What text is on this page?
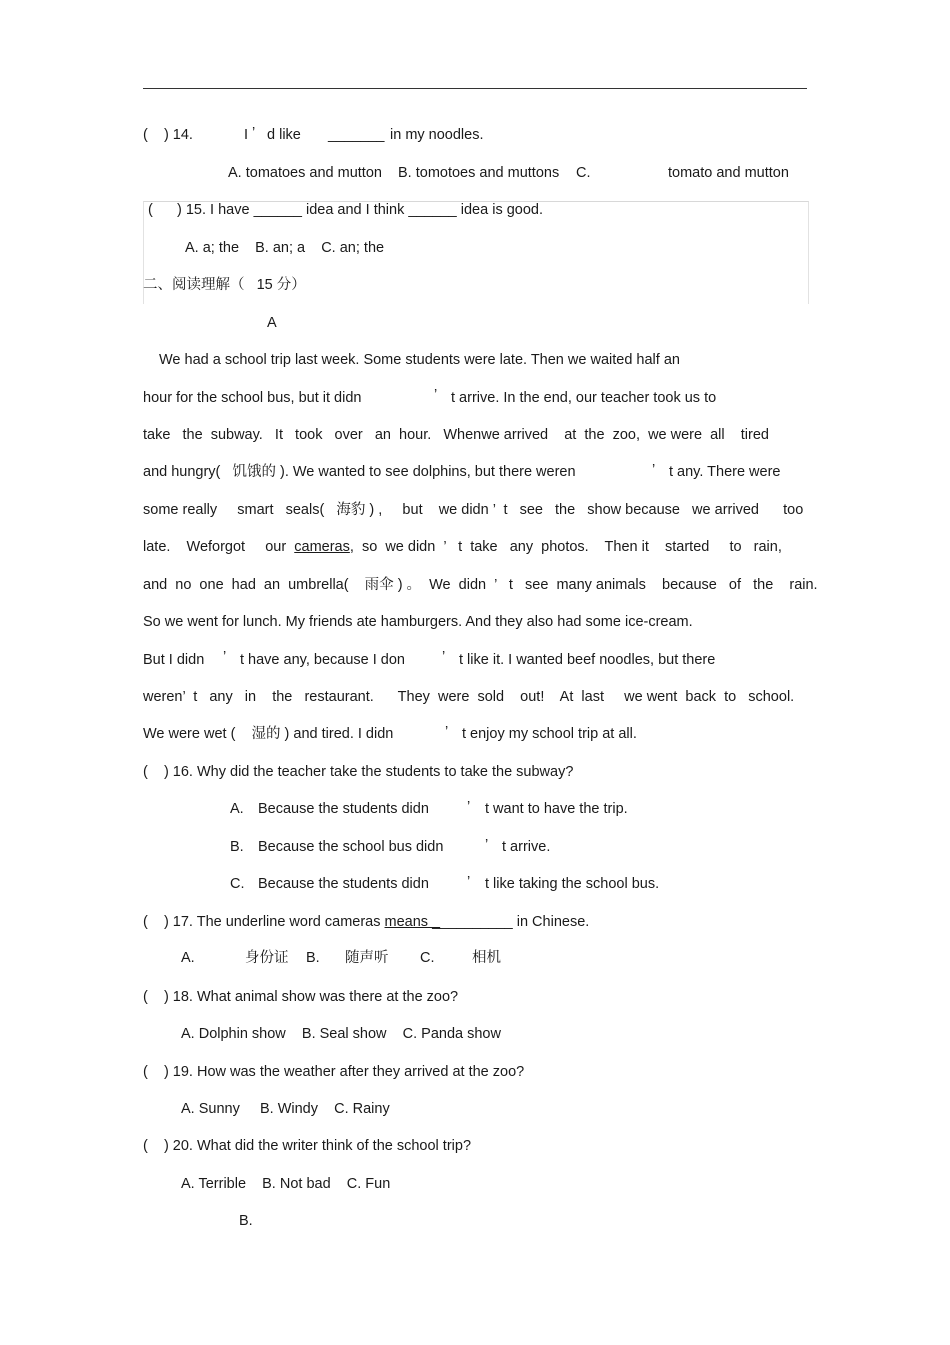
(    ) 14.	I ’ d like _______ in my noodles.
A. tomatoes and mutton B. tomotoes and muttons C.	tomato and mutton
(      ) 15. I have ______ idea and I think ______ idea is good.
A. a; the    B. an; a    C. an; the
二、阅读理解（   15 分）
A
We had a school trip last week. Some students were late. Then we waited half an
hour for the school bus, but it didn	’ t arrive. In the end, our teacher took us to
take   the  subway.   It   took   over   an  hour.   Whenwe arrived    at  the  zoo,  we were  all    tired
and hungry(   饥饿的 ). We wanted to see dolphins, but there weren	’ t any. There were
some really     smart   seals(   海豹 ) ,     but    we didn ’  t   see   the   show because   we arrived      too
late.    Weforgot     our  cameras,  so  we didn  ’   t  take   any  photos.    Then it    started     to   rain,
and  no  one  had  an  umbrella(    雨伞 ) 。  We  didn  ’   t   see  many animals    because   of   the    rain.
So we went for lunch. My friends ate hamburgers. And they also had some ice-cream.
But I didn ’ t have any, because I don	’ t like it. I wanted beef noodles, but there
weren’  t   any   in    the   restaurant.      They  were  sold    out!    At  last     we went  back  to   school.
We were wet (    湿的 ) and tired. I didn	’ t enjoy my school trip at all.
(    ) 16. Why did the teacher take the students to take the subway?
A. Because the students didn	’ t want to have the trip.
B. Because the school bus didn	’ t arrive.
C. Because the students didn	’ t like taking the school bus.
(    ) 17. The underline word cameras means __________ in Chinese.
A.	身份证 B. 随声听 C.	相机
(    ) 18. What animal show was there at the zoo?
A. Dolphin show    B. Seal show    C. Panda show
(    ) 19. How was the weather after they arrived at the zoo?
A. Sunny     B. Windy    C. Rainy
(    ) 20. What did the writer think of the school trip?
A. Terrible    B. Not bad    C. Fun
B.
